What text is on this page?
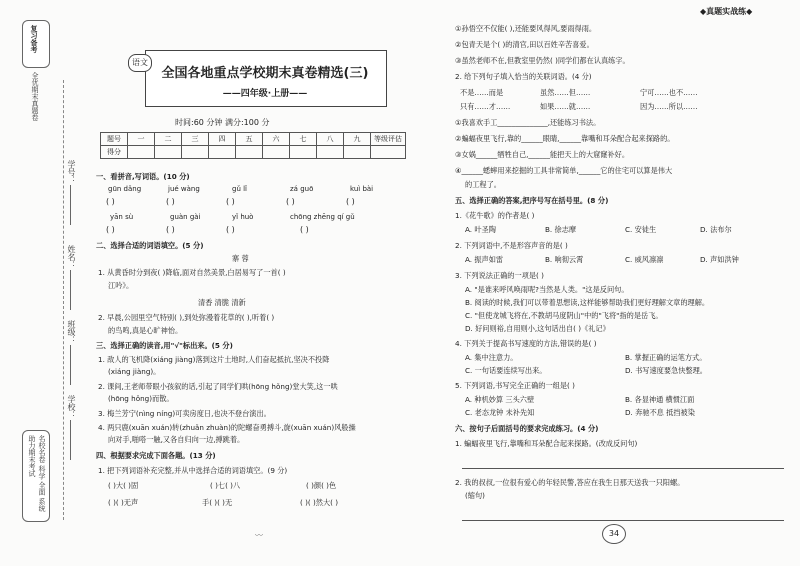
复习备考
全优期末真题卷
学号：
姓名：
班级：
学校：
名校名卷 科学 全面 系统 助力期末考试
语文
全国各地重点学校期末真卷精选(三)
——四年级·上册——
时间:60 分钟 满分:100 分
题号	一	二	三	四	五	六	七	八	九	等级评估
得分										
一、看拼音,写词语。(10 分)
gūn dǎng	jué wàng	gǔ lǐ	zá guō	kuì bài
( )	( )	( )	( )	( )
yān sù	guàn gài	yǐ huò	chōng zhēng qí gǔ
( )	( )	( )	( )
二、选择合适的词语填空。(5 分)
寨 蓉
1. 从黄昏时分到夜( )降临,面对自然美景,白居易写了一首( )
江吟》。
清香 清脆 清新
2. 早晨,公园里空气特别( ),到处弥漫着花草的( ),听着( )
的鸟鸣,真是心旷神怡。
三、选择正确的读音,用"√"标出来。(5 分)
1. 敌人的飞机降(xiáng jiàng)落到这片土地时,人们奋起抵抗,坚决不投降
(xiáng jiàng)。
2. 课间,王老师带眼小孩叙的话,引起了同学们哄(hōng hǒng)堂大笑,这一哄
(hōng hǒng)而散。
3. 梅兰芳宁(nìng níng)可卖房度日,也决不登台演出。
4. 两只鹿(xuān xuán)转(zhuǎn zhuàn)的陀螺奋勇搏斗,旋(xuān xuán)风般操
向对手,啪嗒一触,又各自归向一边,搏跳着。
四、根据要求完成下面各题。(13 分)
1. 把下列词语补充完整,并从中选择合适的词语填空。(9 分)
( )大( )固	( )七( )八	( )颜( )色
( )( )无声	手( )( )无	( )( )然大( )
〰
◆真题实战练◆
①孙悟空不仅能( ),还能要风得风,要雨得雨。
②包青天是个( )的清官,田以百姓辛苦喜爱。
③虽然老师不在,但教室里仍然( )同学们都在认真练字。
2. 给下列句子填入恰当的关联词语。(4 分)
不是……而是	虽然……但……	宁可……也不……
只有……才……	如果……就……	因为……所以……
①我喜欢手工______________,还能练习书法。
②蝙蝠夜里飞行,靠的______眼睛,______靠嘴和耳朵配合起来探路的。
③女娲______牺牲自己,______能把天上的大窟窿补好。
④______蟋蟀用来挖掘的工具非常简单,______它的住宅可以算是伟大
的工程了。
五、选择正确的答案,把序号写在括号里。(8 分)
1.《花牛歌》的作者是( )
A. 叶圣陶	B. 徐志摩	C. 安徒生	D. 法布尔
2. 下列词语中,不是形容声音的是( )
A. 振声如雷	B. 响彻云霄	C. 威风凛凛	D. 声如洪钟
3. 下列说法正确的一项是( )
A. "是谁来呼风唤雨呢?当然是人类。"这是反问句。
B. 阅读的时候,我们可以带着思想读,这样能够帮助我们更好理解文章的理解。
C. "但使龙城飞将在,不教胡马度阴山"中的"飞将"指的是岳飞。
D. 好问则裕,自用则小,这句话出自( )《礼记》
4. 下列关于提高书写速度的方法,错误的是( )
A. 集中注意力。	B. 掌握正确的运笔方式。
C. 一句话要连续写出来。	D. 书写速度要急快整理。
5. 下列词语,书写完全正确的一组是( )
A. 种机妙算 三头六壁	B. 各显神通 横惯江面
C. 老态龙钟 未补先知	D. 奔驰不息 抵挡被染
六、按句子后面括号的要求完成练习。(4 分)
1. 蝙蝠夜里飞行,靠嘴和耳朵配合起来探路。(改成反问句)
2. 我的叔叔,一位很有爱心的年轻民警,答应在我生日那天送我一只阳螺。
(缩句)
34
